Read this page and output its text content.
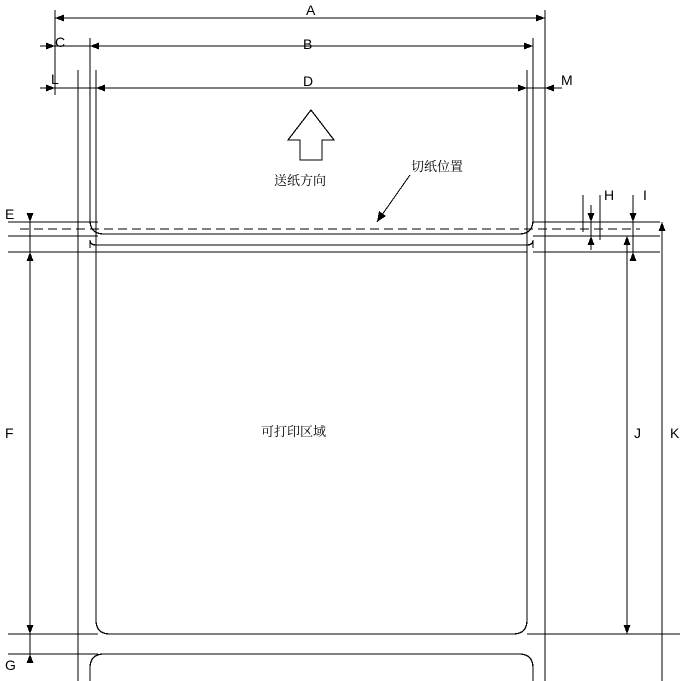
A
B
C
D
L	M
E
F
G
H I
J K
送纸方向
切纸位置
可打印区域
